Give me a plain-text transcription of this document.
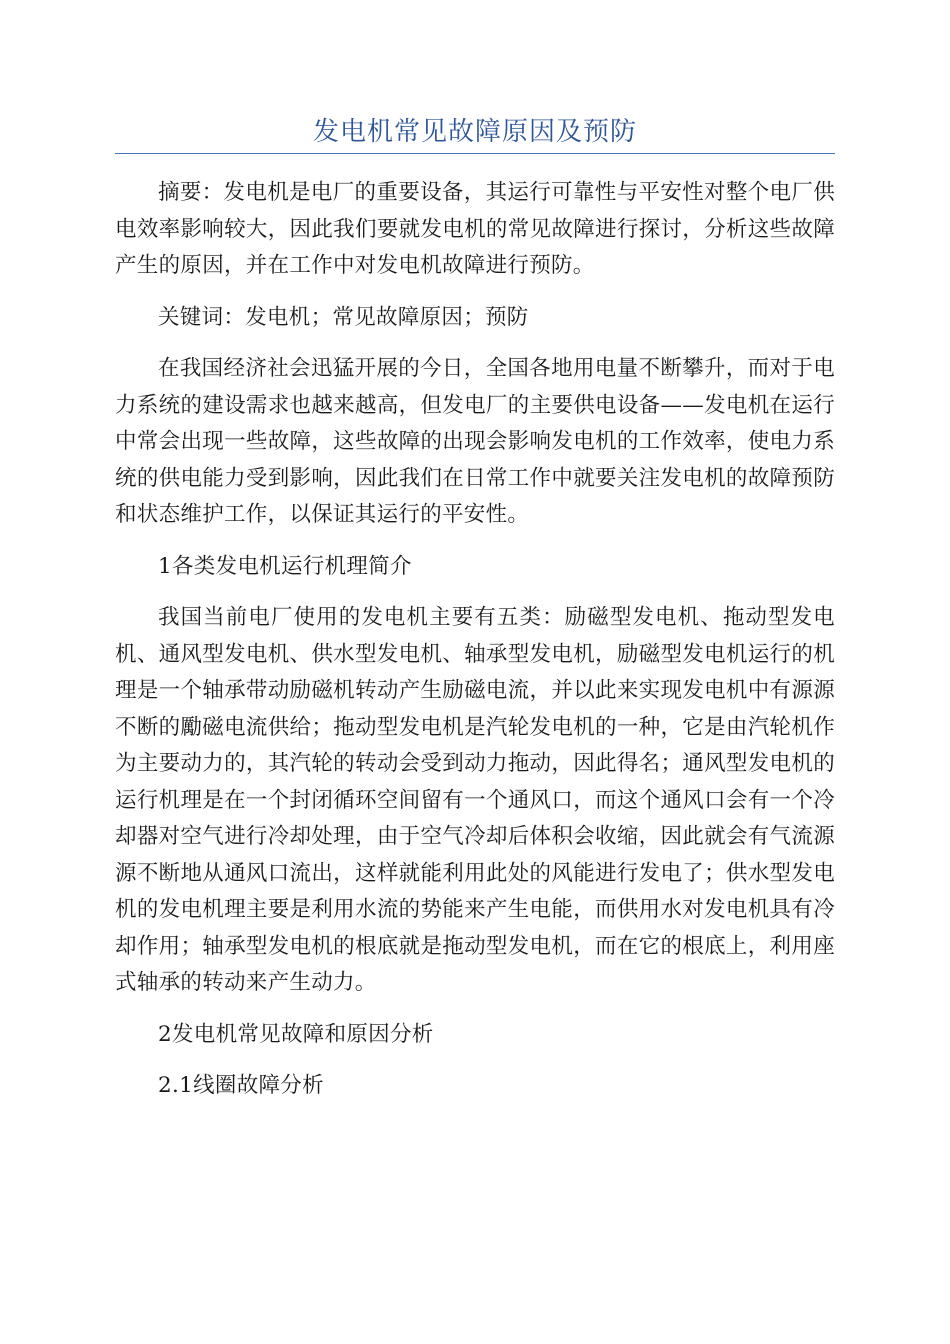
发电机常见故障原因及预防

摘要：发电机是电厂的重要设备，其运行可靠性与平安性对整个电厂供电效率影响较大，因此我们要就发电机的常见故障进行探讨，分析这些故障产生的原因，并在工作中对发电机故障进行预防。

关键词：发电机；常见故障原因；预防

在我国经济社会迅猛开展的今日，全国各地用电量不断攀升，而对于电力系统的建设需求也越来越高，但发电厂的主要供电设备——发电机在运行中常会出现一些故障，这些故障的出现会影响发电机的工作效率，使电力系统的供电能力受到影响，因此我们在日常工作中就要关注发电机的故障预防和状态维护工作，以保证其运行的平安性。

1各类发电机运行机理简介

我国当前电厂使用的发电机主要有五类：励磁型发电机、拖动型发电机、通风型发电机、供水型发电机、轴承型发电机，励磁型发电机运行的机理是一个轴承带动励磁机转动产生励磁电流，并以此来实现发电机中有源源不断的勵磁电流供给；拖动型发电机是汽轮发电机的一种，它是由汽轮机作为主要动力的，其汽轮的转动会受到动力拖动，因此得名；通风型发电机的运行机理是在一个封闭循环空间留有一个通风口，而这个通风口会有一个冷却器对空气进行冷却处理，由于空气冷却后体积会收缩，因此就会有气流源源不断地从通风口流出，这样就能利用此处的风能进行发电了；供水型发电机的发电机理主要是利用水流的势能来产生电能，而供用水对发电机具有冷却作用；轴承型发电机的根底就是拖动型发电机，而在它的根底上，利用座式轴承的转动来产生动力。

2发电机常见故障和原因分析

2.1线圈故障分析
